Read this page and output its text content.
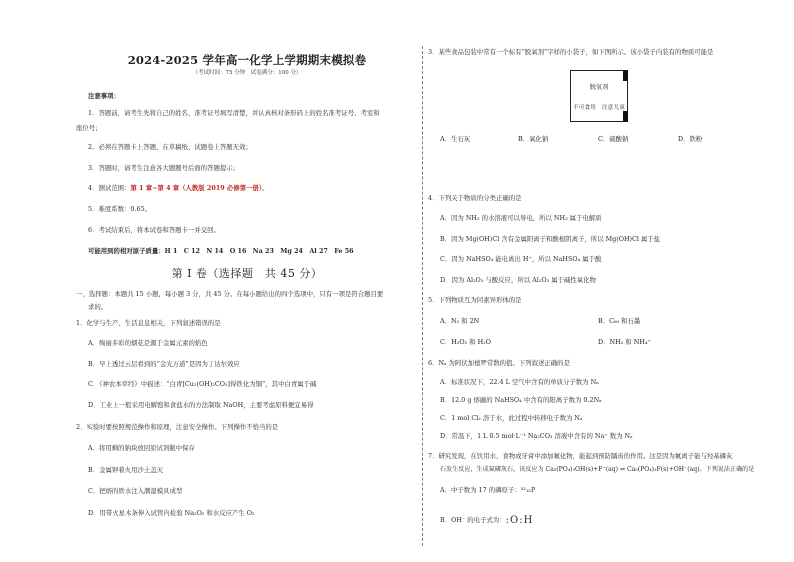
2024-2025 学年高一化学上学期期末模拟卷
（考试时间：75 分钟　试卷满分：100 分）
注意事项：
1．答题前，请考生先将自己的姓名、准考证号填写清楚，并认真核对条形码上的姓名准考证号、考室和
座位号；
2．必须在答题卡上答题，在草稿纸、试题卷上答题无效；
3．答题时，请考生注意各大题题号后面的答题提示；
4．测试范围：第 1 章~第 4 章（人教版 2019 必修第一册）。
5．难度系数：0.65。
6．考试结束后，将本试卷和答题卡一并交回。
可能用到的相对原子质量：H 1　C 12　N 14　O 16　Na 23　Mg 24　Al 27　Fe 56
第 I 卷（选择题　共 45 分）
一、选择题：本题共 15 小题，每小题 3 分，共 45 分。在每小题给出的四个选项中，只有一项是符合题目要
求的。
1．化学与生产、生活息息相关，下列叙述错误的是
A．绚丽多彩的烟花是源于金属元素的焰色
B．早上透过云层看到的“金光万道”是因为丁达尔效应
C．《神农本草经》中描述：“白青[Cu₂(OH)₂CO₃]得铁化为铜”，其中白青属于碱
D．工业上一般采用电解饱和食盐水的方法制取 NaOH，主要考虑原料便宜易得
2．实验时要按照规范操作和原理，注意安全操作。下列操作不恰当的是
A．将用剩的钠块放回原试剂瓶中保存
B．金属钾着火用沙土盖灭
C．把熔的铁水注入潮湿模具成型
D．用带火星木条伸入试管内检验 Na₂O₂ 和水反应产生 O₂
3．某些食品包装中常有一个标有“脱氧剂”字样的小袋子，如下图所示。该小袋子内装有的物质可能是
脱氧剂
不可食用　注意儿童
A．生石灰	B．氧化钠	C．硫酸钠	D．铁粉
4．下列关于物质的分类正确的是
A．因为 NH₃ 的水溶液可以导电，所以 NH₃ 属于电解质
B．因为 Mg(OH)Cl 含有金属阳离子和酸根阴离子，所以 Mg(OH)Cl 属于盐
C．因为 NaHSO₄ 能电离出 H⁺，所以 NaHSO₄ 属于酸
D．因为 Al₂O₃ 与酸反应，所以 Al₂O₃ 属于碱性氧化物
5．下列物质互为同素异形体的是
A．N₂ 和 2N	B．C₆₀ 和石墨
C．H₂O₂ 和 H₂O	D．NH₃ 和 NH₄⁺
6．Nₐ 为阿伏加德罗常数的值。下列叙述正确的是
A．标准状况下，22.4 L 空气中含有的单质分子数为 Nₐ
B．12.0 g 熔融的 NaHSO₄ 中含有的阳离子数为 0.2Nₐ
C．1 mol Cl₂ 溶于水，此过程中转移电子数为 Nₐ
D．常温下，1 L 0.5 mol·L⁻¹ Na₂CO₃ 溶液中含有的 Na⁺ 数为 Nₐ
7．研究发现，在饮用水、食物或牙膏中添加氟化物，能起到预防龋齿的作用。这是因为氟离子能与羟基磷灰
石发生反应，生成氟磷灰石，该反应为 Ca₅(PO₄)₃OH(s)+F⁻(aq) ⇌ Ca₅(PO₄)₃F(s)+OH⁻(aq)。下列说法正确的是
A．中子数为 17 的磷原子：³²₁₅P
B．OH⁻ 的电子式为：:O:H
